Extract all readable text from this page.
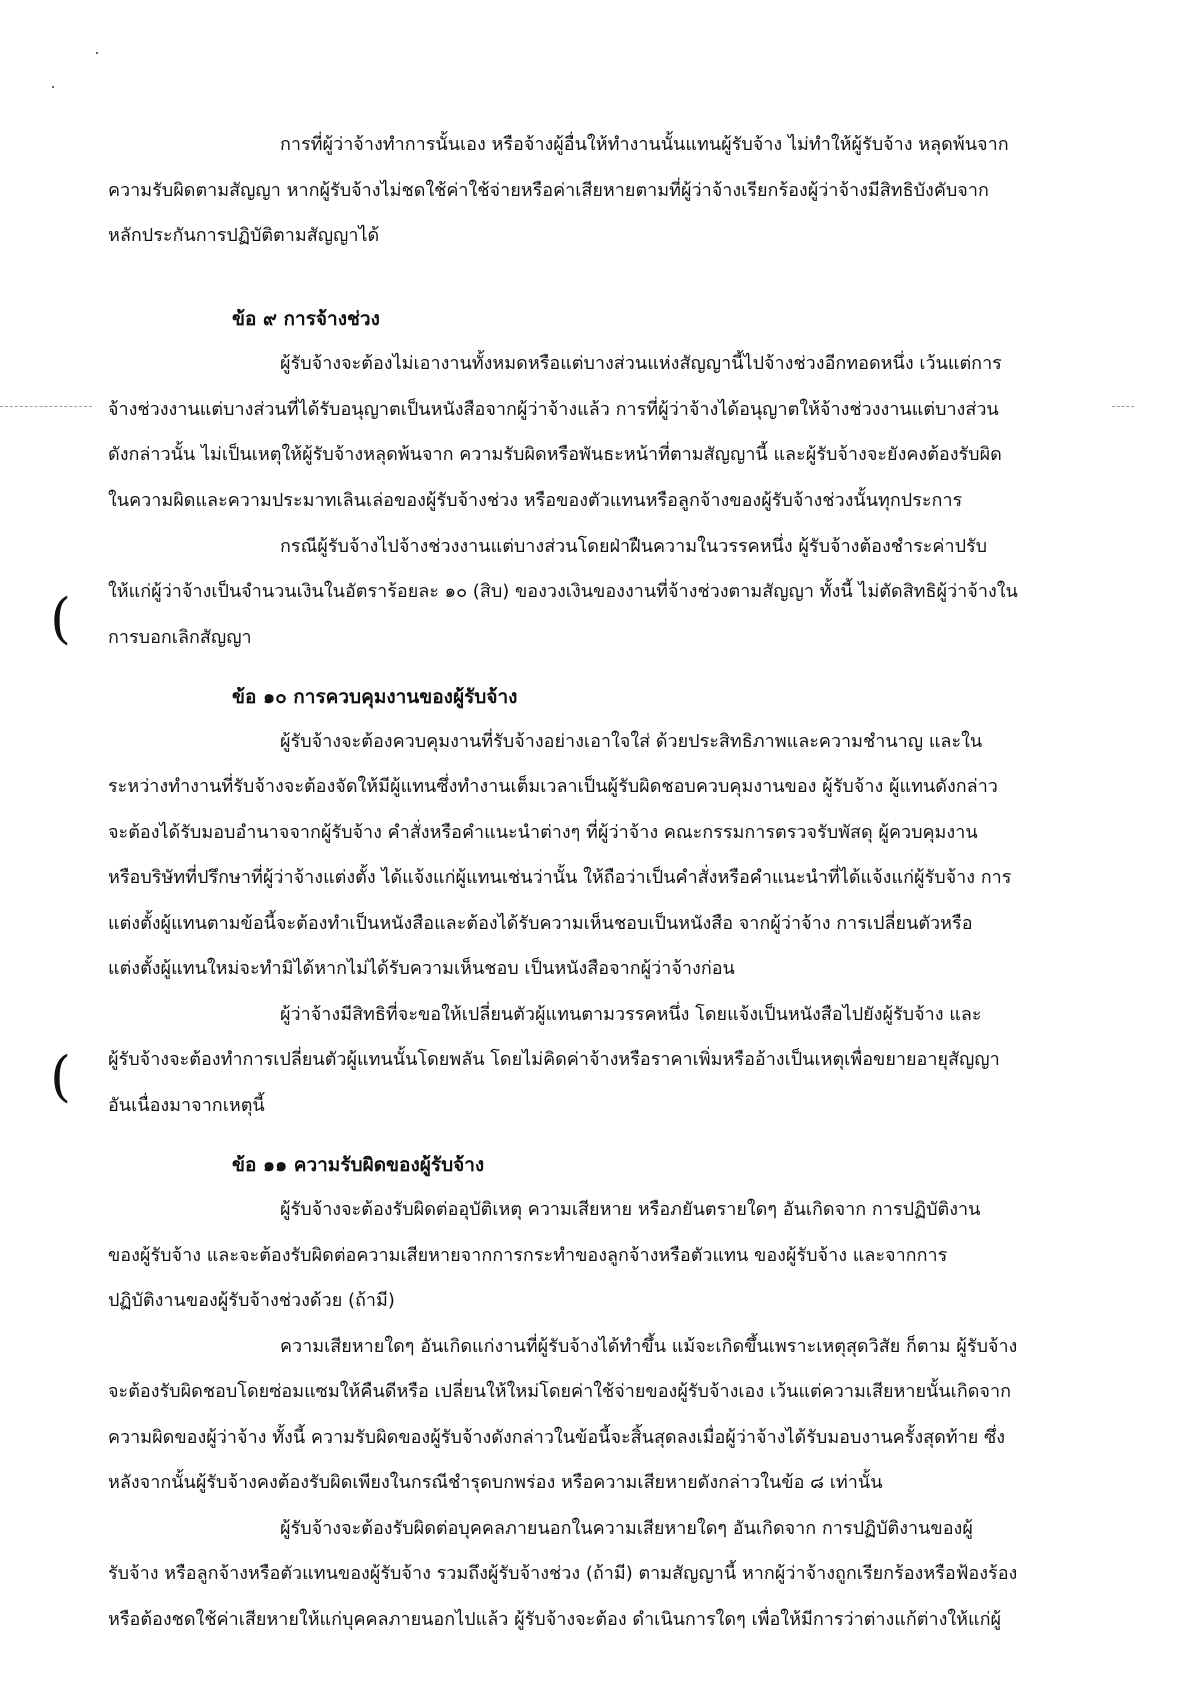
(
(
การที่ผู้ว่าจ้างทำการนั้นเอง หรือจ้างผู้อื่นให้ทำงานนั้นแทนผู้รับจ้าง ไม่ทำให้ผู้รับจ้าง หลุดพ้นจาก
ความรับผิดตามสัญญา หากผู้รับจ้างไม่ชดใช้ค่าใช้จ่ายหรือค่าเสียหายตามที่ผู้ว่าจ้างเรียกร้องผู้ว่าจ้างมีสิทธิบังคับจาก
หลักประกันการปฏิบัติตามสัญญาได้
ข้อ ๙ การจ้างช่วง
ผู้รับจ้างจะต้องไม่เอางานทั้งหมดหรือแต่บางส่วนแห่งสัญญานี้ไปจ้างช่วงอีกทอดหนึ่ง เว้นแต่การ
จ้างช่วงงานแต่บางส่วนที่ได้รับอนุญาตเป็นหนังสือจากผู้ว่าจ้างแล้ว การที่ผู้ว่าจ้างได้อนุญาตให้จ้างช่วงงานแต่บางส่วน
ดังกล่าวนั้น ไม่เป็นเหตุให้ผู้รับจ้างหลุดพ้นจาก ความรับผิดหรือพันธะหน้าที่ตามสัญญานี้ และผู้รับจ้างจะยังคงต้องรับผิด
ในความผิดและความประมาทเลินเล่อของผู้รับจ้างช่วง หรือของตัวแทนหรือลูกจ้างของผู้รับจ้างช่วงนั้นทุกประการ
กรณีผู้รับจ้างไปจ้างช่วงงานแต่บางส่วนโดยฝ่าฝืนความในวรรคหนึ่ง ผู้รับจ้างต้องชำระค่าปรับ
ให้แก่ผู้ว่าจ้างเป็นจำนวนเงินในอัตราร้อยละ ๑๐ (สิบ) ของวงเงินของงานที่จ้างช่วงตามสัญญา ทั้งนี้ ไม่ตัดสิทธิผู้ว่าจ้างใน
การบอกเลิกสัญญา
ข้อ ๑๐ การควบคุมงานของผู้รับจ้าง
ผู้รับจ้างจะต้องควบคุมงานที่รับจ้างอย่างเอาใจใส่ ด้วยประสิทธิภาพและความชำนาญ และใน
ระหว่างทำงานที่รับจ้างจะต้องจัดให้มีผู้แทนซึ่งทำงานเต็มเวลาเป็นผู้รับผิดชอบควบคุมงานของ ผู้รับจ้าง ผู้แทนดังกล่าว
จะต้องได้รับมอบอำนาจจากผู้รับจ้าง คำสั่งหรือคำแนะนำต่างๆ ที่ผู้ว่าจ้าง คณะกรรมการตรวจรับพัสดุ ผู้ควบคุมงาน
หรือบริษัทที่ปรึกษาที่ผู้ว่าจ้างแต่งตั้ง ได้แจ้งแก่ผู้แทนเช่นว่านั้น ให้ถือว่าเป็นคำสั่งหรือคำแนะนำที่ได้แจ้งแก่ผู้รับจ้าง การ
แต่งตั้งผู้แทนตามข้อนี้จะต้องทำเป็นหนังสือและต้องได้รับความเห็นชอบเป็นหนังสือ จากผู้ว่าจ้าง การเปลี่ยนตัวหรือ
แต่งตั้งผู้แทนใหม่จะทำมิได้หากไม่ได้รับความเห็นชอบ เป็นหนังสือจากผู้ว่าจ้างก่อน
ผู้ว่าจ้างมีสิทธิที่จะขอให้เปลี่ยนตัวผู้แทนตามวรรคหนึ่ง โดยแจ้งเป็นหนังสือไปยังผู้รับจ้าง และ
ผู้รับจ้างจะต้องทำการเปลี่ยนตัวผู้แทนนั้นโดยพลัน โดยไม่คิดค่าจ้างหรือราคาเพิ่มหรืออ้างเป็นเหตุเพื่อขยายอายุสัญญา
อันเนื่องมาจากเหตุนี้
ข้อ ๑๑ ความรับผิดของผู้รับจ้าง
ผู้รับจ้างจะต้องรับผิดต่ออุบัติเหตุ ความเสียหาย หรือภยันตรายใดๆ อันเกิดจาก การปฏิบัติงาน
ของผู้รับจ้าง และจะต้องรับผิดต่อความเสียหายจากการกระทำของลูกจ้างหรือตัวแทน ของผู้รับจ้าง และจากการ
ปฏิบัติงานของผู้รับจ้างช่วงด้วย (ถ้ามี)
ความเสียหายใดๆ อันเกิดแก่งานที่ผู้รับจ้างได้ทำขึ้น แม้จะเกิดขึ้นเพราะเหตุสุดวิสัย ก็ตาม ผู้รับจ้าง
จะต้องรับผิดชอบโดยซ่อมแซมให้คืนดีหรือ เปลี่ยนให้ใหม่โดยค่าใช้จ่ายของผู้รับจ้างเอง เว้นแต่ความเสียหายนั้นเกิดจาก
ความผิดของผู้ว่าจ้าง ทั้งนี้ ความรับผิดของผู้รับจ้างดังกล่าวในข้อนี้จะสิ้นสุดลงเมื่อผู้ว่าจ้างได้รับมอบงานครั้งสุดท้าย ซึ่ง
หลังจากนั้นผู้รับจ้างคงต้องรับผิดเพียงในกรณีชำรุดบกพร่อง หรือความเสียหายดังกล่าวในข้อ ๘ เท่านั้น
ผู้รับจ้างจะต้องรับผิดต่อบุคคลภายนอกในความเสียหายใดๆ อันเกิดจาก การปฏิบัติงานของผู้
รับจ้าง หรือลูกจ้างหรือตัวแทนของผู้รับจ้าง รวมถึงผู้รับจ้างช่วง (ถ้ามี) ตามสัญญานี้ หากผู้ว่าจ้างถูกเรียกร้องหรือฟ้องร้อง
หรือต้องชดใช้ค่าเสียหายให้แก่บุคคลภายนอกไปแล้ว ผู้รับจ้างจะต้อง ดำเนินการใดๆ เพื่อให้มีการว่าต่างแก้ต่างให้แก่ผู้
